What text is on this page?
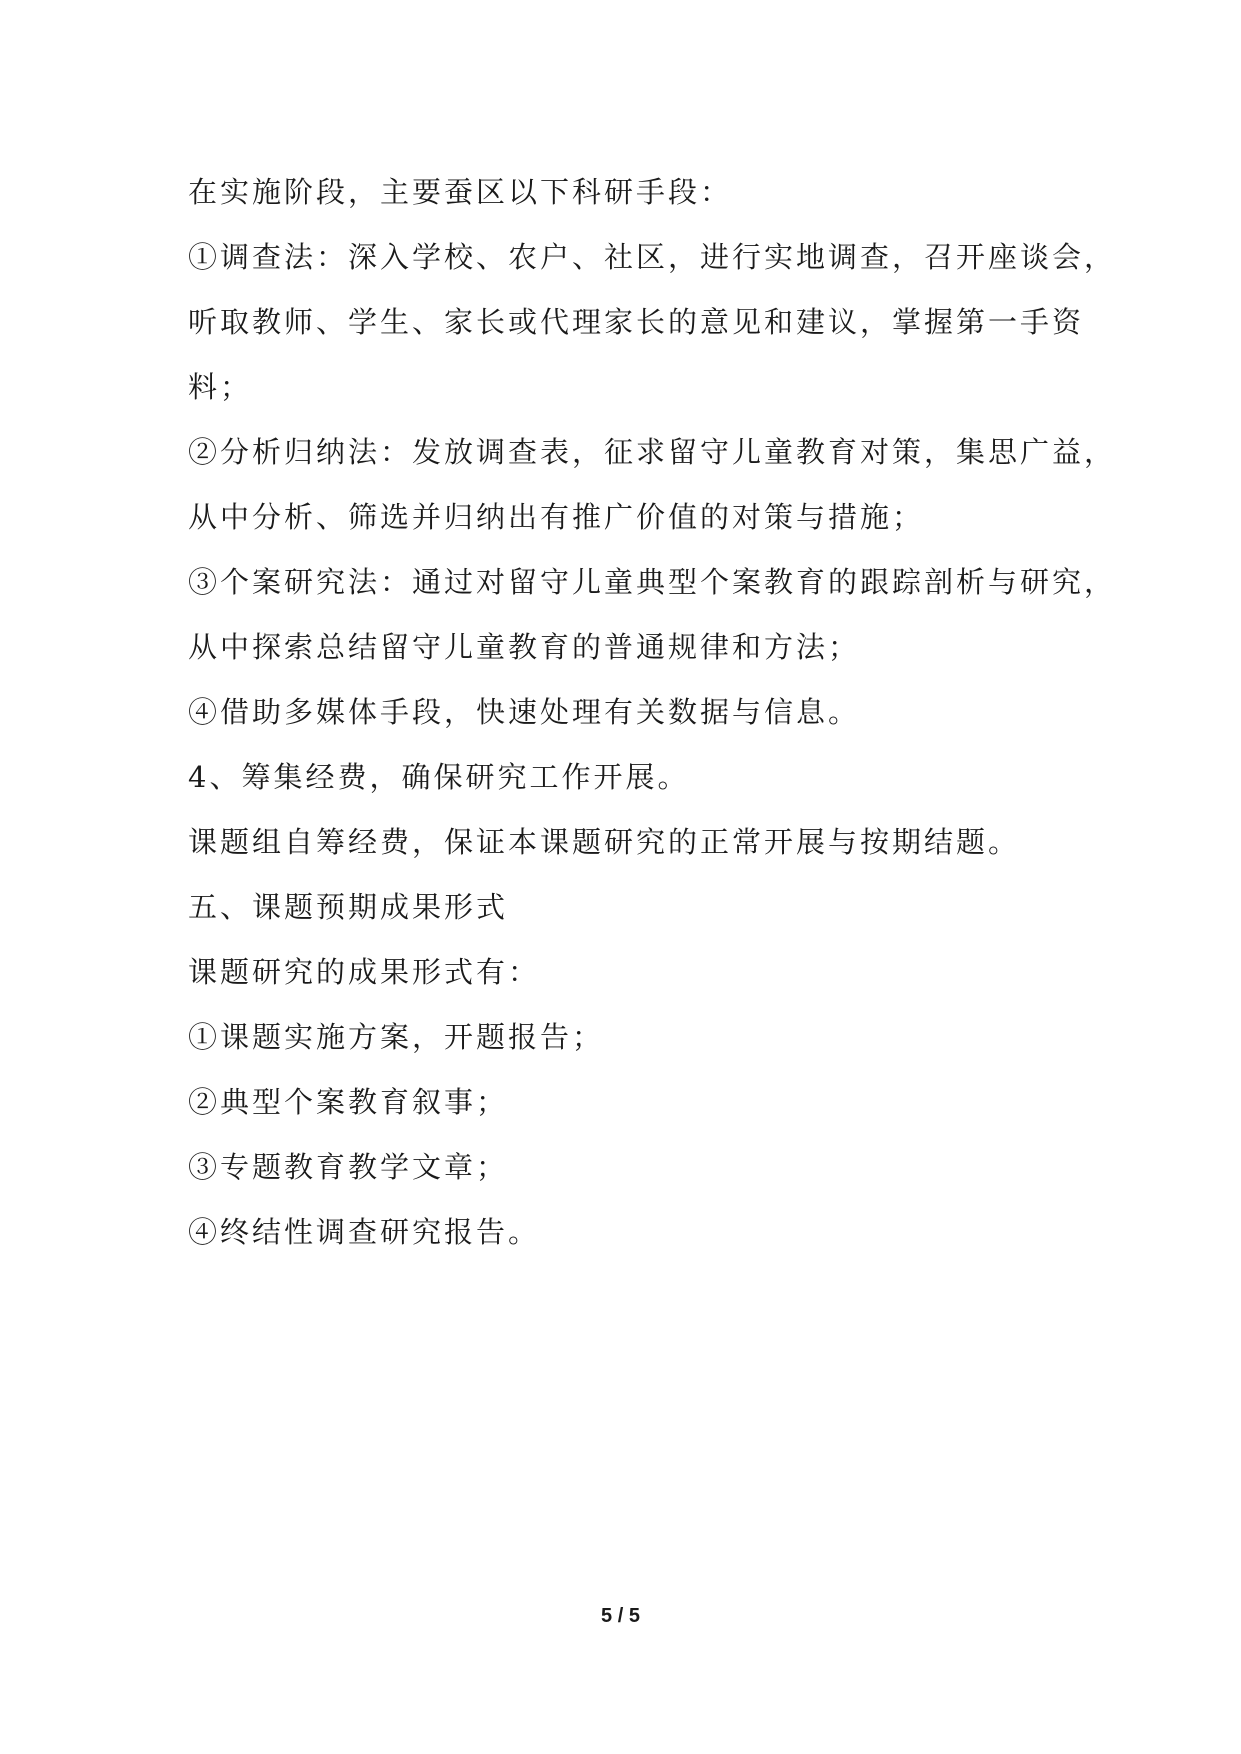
在实施阶段，主要蚕区以下科研手段：
①调查法：深入学校、农户、社区，进行实地调查，召开座谈会，
听取教师、学生、家长或代理家长的意见和建议，掌握第一手资
料；
②分析归纳法：发放调查表，征求留守儿童教育对策，集思广益，
从中分析、筛选并归纳出有推广价值的对策与措施；
③个案研究法：通过对留守儿童典型个案教育的跟踪剖析与研究，
从中探索总结留守儿童教育的普通规律和方法；
④借助多媒体手段，快速处理有关数据与信息。
4、筹集经费，确保研究工作开展。
课题组自筹经费，保证本课题研究的正常开展与按期结题。
五、课题预期成果形式
课题研究的成果形式有：
①课题实施方案，开题报告；
②典型个案教育叙事；
③专题教育教学文章；
④终结性调查研究报告。
5 / 5
